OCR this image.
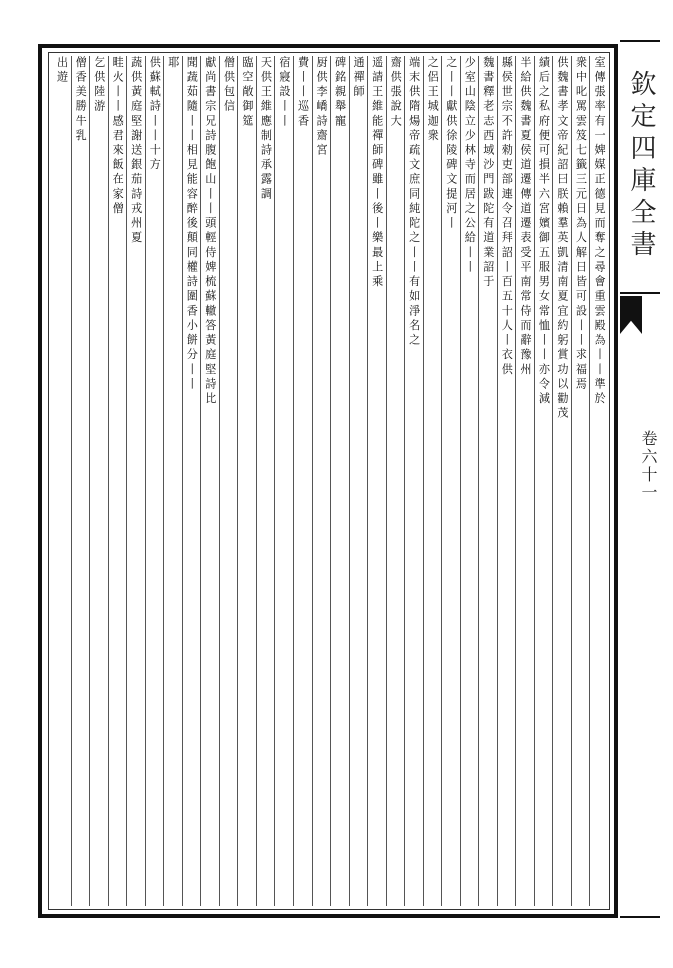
欽定四庫全書
卷六十一
室傳張率有一婢媒正德見而奪之尋會重雲殿為丨丨準於
衆中叱罵雲笈七籤三元日為人解日皆可設丨丨求福焉
供魏書孝文帝紀詔曰朕賴羣英凱清南夏宜約躬賞功以勸茂
績后之私府便可損半六宮嬪御五服男女常恤丨丨亦令減
半給供魏書夏侯道遷傳道遷表受平南常侍而辭豫州
縣侯世宗不許勑吏部連令召拜詔丨百五十人丨衣供
魏書釋老志西域沙門跋陀有道業詔于
少室山陰立少林寺而居之公給丨丨
之丨丨獻供徐陵碑文提河丨
之侶王城迦衆
端末供隋煬帝疏文庶同純陀之丨丨有如淨名之
齋供張說大
遥請王維能禪師碑雖丨後丨樂最上乘
通禪師
碑銘親舉寵
厨供李嶠詩齋宮
費丨丨巡香
宿寢設丨丨
天供王維應制詩承露調
臨空敞御筵
僧供包信
獻尚書宗兄詩腹飽山丨丨頭輕侍婢梳蘇轍答黃庭堅詩比
聞蔬茹隨丨丨相見能容醉後顛同權詩圍香小餅分丨丨
耶
供蘇軾詩丨丨十方
蔬供黃庭堅謝送銀茄詩戎州夏
畦火丨丨感君來飯在家僧
乞供陸游
僧香美勝牛乳
出遊
